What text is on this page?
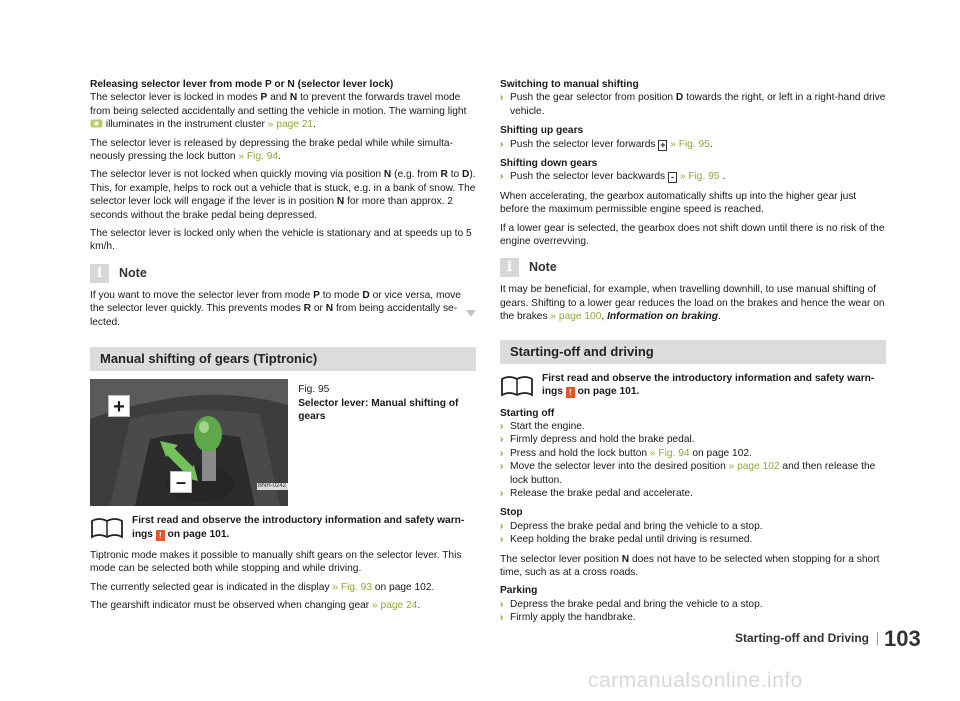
Releasing selector lever from mode P or N (selector lever lock)

The selector lever is locked in modes P and N to prevent the forwards travel mode from being selected accidentally and setting the vehicle in motion. The warning light  illuminates in the instrument cluster » page 21.

The selector lever is released by depressing the brake pedal while while simulta-neously pressing the lock button » Fig. 94.

The selector lever is not locked when quickly moving via position N (e.g. from R to D). This, for example, helps to rock out a vehicle that is stuck, e.g. in a bank of snow. The selector lever lock will engage if the lever is in position N for more than approx. 2 seconds without the brake pedal being depressed.

The selector lever is locked only when the vehicle is stationary and at speeds up to 5 km/h.

i	Note

If you want to move the selector lever from mode P to mode D or vice versa, move the selector lever quickly. This prevents modes R or N from being accidentally se-lected.

Manual shifting of gears (Tiptronic)
+
–	BNH-0242
Fig. 95
Selector lever: Manual shifting of gears
First read and observe the introductory information and safety warn-ings ! on page 101.

Tiptronic mode makes it possible to manually shift gears on the selector lever. This mode can be selected both while stopping and while driving.

The currently selected gear is indicated in the display » Fig. 93 on page 102.

The gearshift indicator must be observed when changing gear » page 24.

Switching to manual shifting
› Push the gear selector from position D towards the right, or left in a right-hand drive vehicle.
Shifting up gears
› Push the selector lever forwards + » Fig. 95.
Shifting down gears
› Push the selector lever backwards - » Fig. 95 .

When accelerating, the gearbox automatically shifts up into the higher gear just before the maximum permissible engine speed is reached.

If a lower gear is selected, the gearbox does not shift down until there is no risk of the engine overrevving.

i	Note

It may be beneficial, for example, when travelling downhill, to use manual shifting of gears. Shifting to a lower gear reduces the load on the brakes and hence the wear on the brakes » page 100, Information on braking.

Starting-off and driving
First read and observe the introductory information and safety warn-ings ! on page 101.
Starting off
› Start the engine.
› Firmly depress and hold the brake pedal.
› Press and hold the lock button » Fig. 94 on page 102.
› Move the selector lever into the desired position » page 102 and then release the lock button.
› Release the brake pedal and accelerate.
Stop
› Depress the brake pedal and bring the vehicle to a stop.
› Keep holding the brake pedal until driving is resumed.

The selector lever position N does not have to be selected when stopping for a short time, such as at a cross roads.

Parking
› Depress the brake pedal and bring the vehicle to a stop.
› Firmly apply the handbrake.
Starting-off and Driving 103
carmanualsonline.info
